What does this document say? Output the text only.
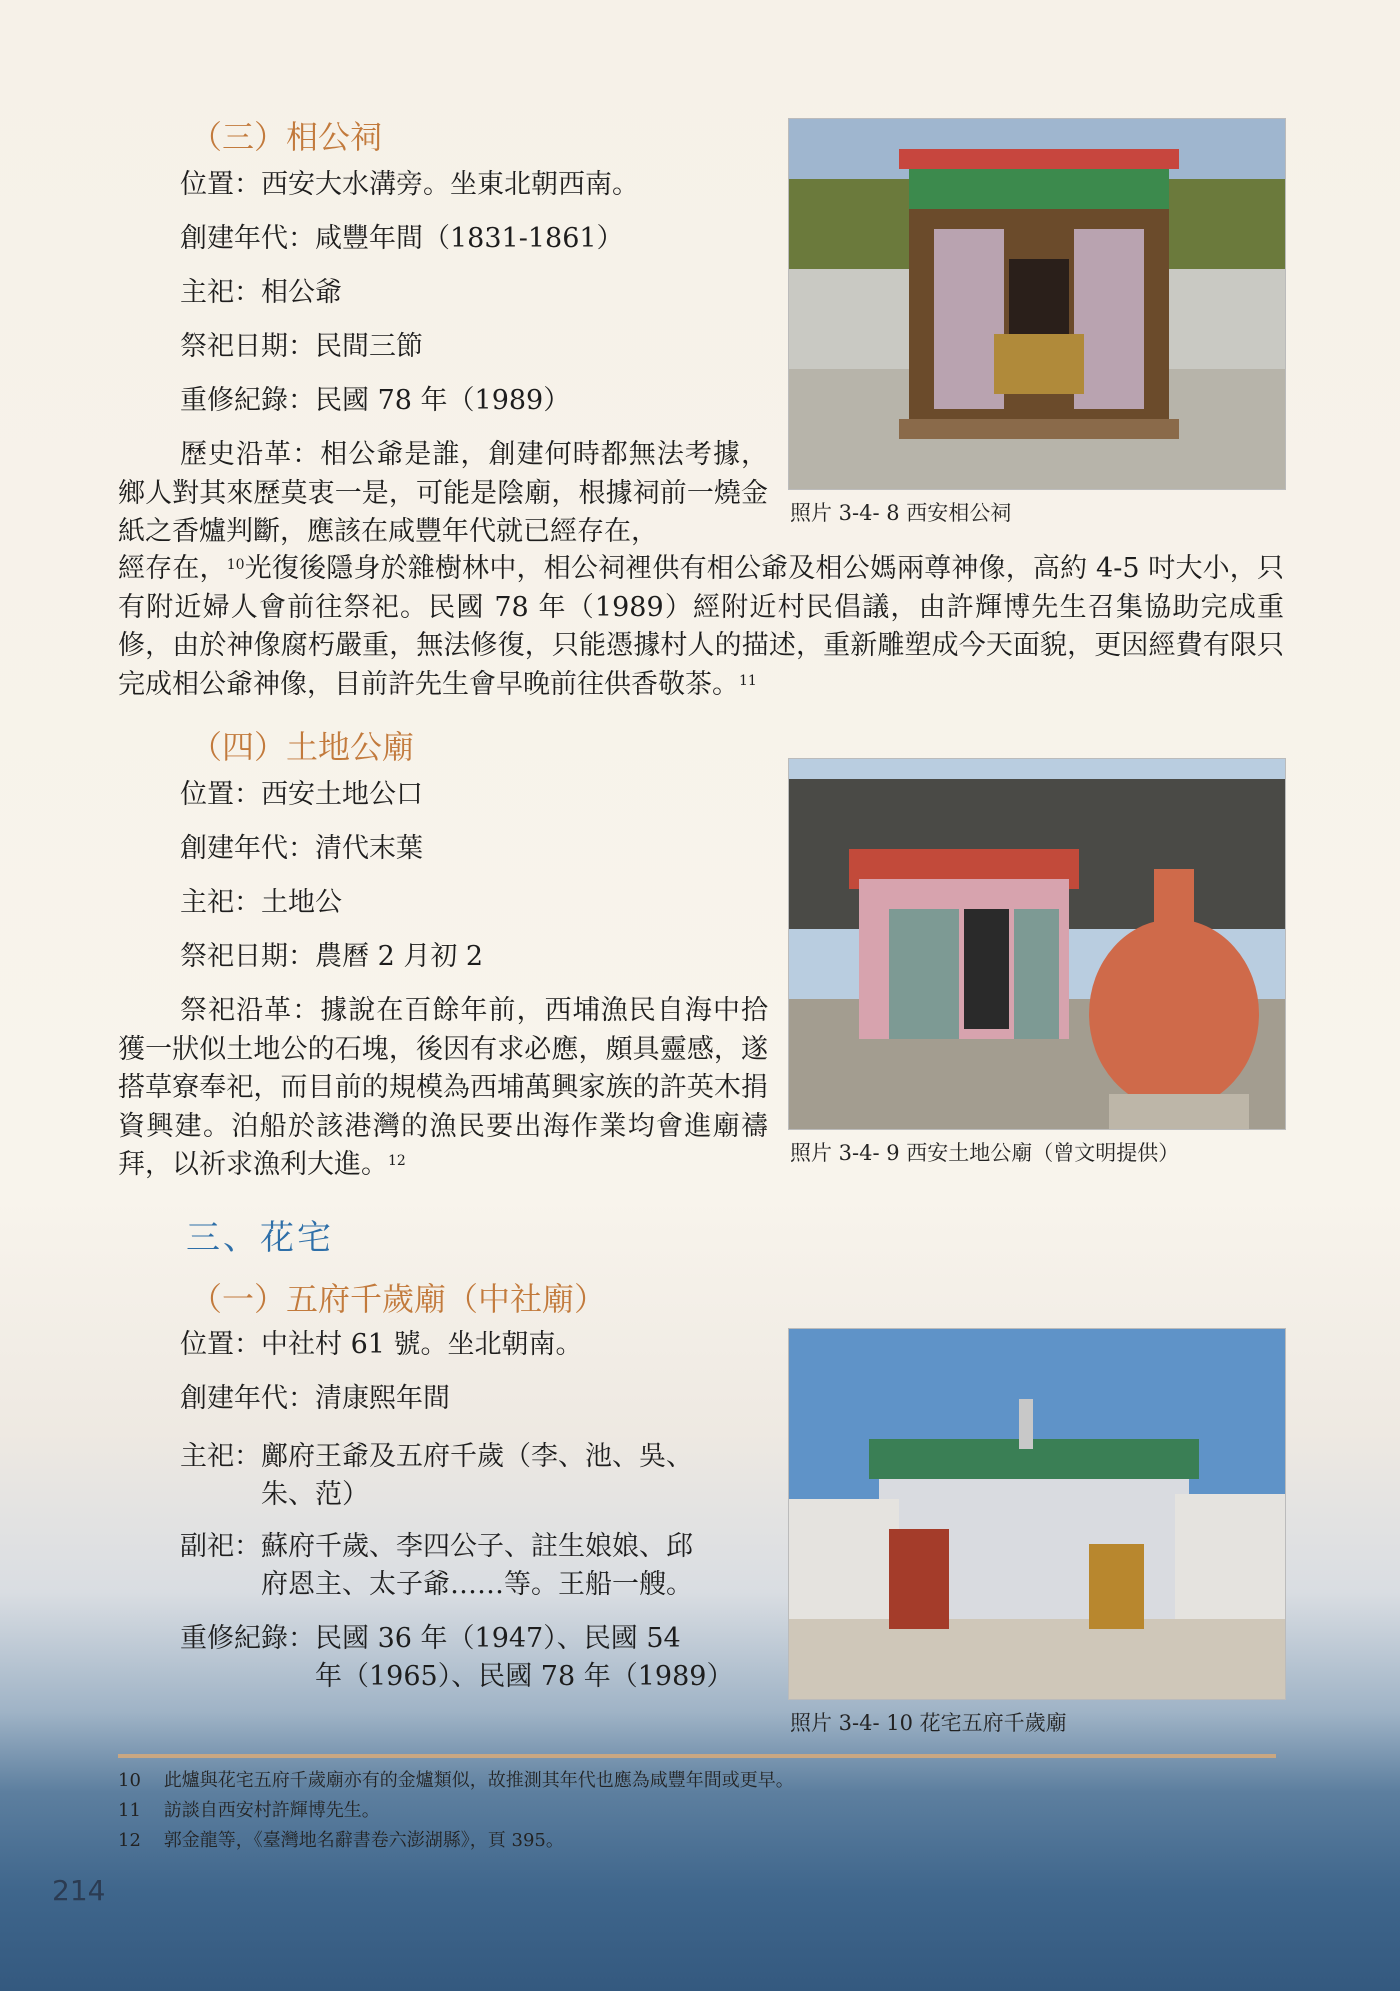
（三）相公祠
位置：西安大水溝旁。坐東北朝西南。
創建年代：咸豐年間（1831-1861）
主祀：相公爺
祭祀日期：民間三節
重修紀錄：民國 78 年（1989）
照片 3-4- 8 西安相公祠
歷史沿革：相公爺是誰，創建何時都無法考據，鄉人對其來歷莫衷一是，可能是陰廟，根據祠前一燒金紙之香爐判斷，應該在咸豐年代就已經存在，
經存在，$^{10}$光復後隱身於雜樹林中，相公祠裡供有相公爺及相公媽兩尊神像，高約 4-5 吋大小，只有附近婦人會前往祭祀。民國 78 年（1989）經附近村民倡議，由許輝博先生召集協助完成重修，由於神像腐朽嚴重，無法修復，只能憑據村人的描述，重新雕塑成今天面貌，更因經費有限只完成相公爺神像，目前許先生會早晚前往供香敬茶。$^{11}$
（四）土地公廟
位置：西安土地公口
創建年代：清代末葉
主祀：土地公
祭祀日期：農曆 2 月初 2
祭祀沿革：據說在百餘年前，西埔漁民自海中拾獲一狀似土地公的石塊，後因有求必應，頗具靈感，遂搭草寮奉祀，而目前的規模為西埔萬興家族的許英木捐資興建。泊船於該港灣的漁民要出海作業均會進廟禱拜，以祈求漁利大進。$^{12}$	照片 3-4- 9 西安土地公廟（曾文明提供）
三、花宅
（一）五府千歲廟（中社廟）
位置：中社村 61 號。坐北朝南。
創建年代：清康熙年間
主祀：鄺府王爺及五府千歲（李、池、吳、
朱、范）
副祀：蘇府千歲、李四公子、註生娘娘、邱
府恩主、太子爺……等。王船一艘。
重修紀錄：民國 36 年（1947）、民國 54
年（1965）、民國 78 年（1989）
照片 3-4- 10 花宅五府千歲廟
10 此爐與花宅五府千歲廟亦有的金爐類似，故推測其年代也應為咸豐年間或更早。
11 訪談自西安村許輝博先生。
12 郭金龍等，《臺灣地名辭書卷六澎湖縣》，頁 395。
214
